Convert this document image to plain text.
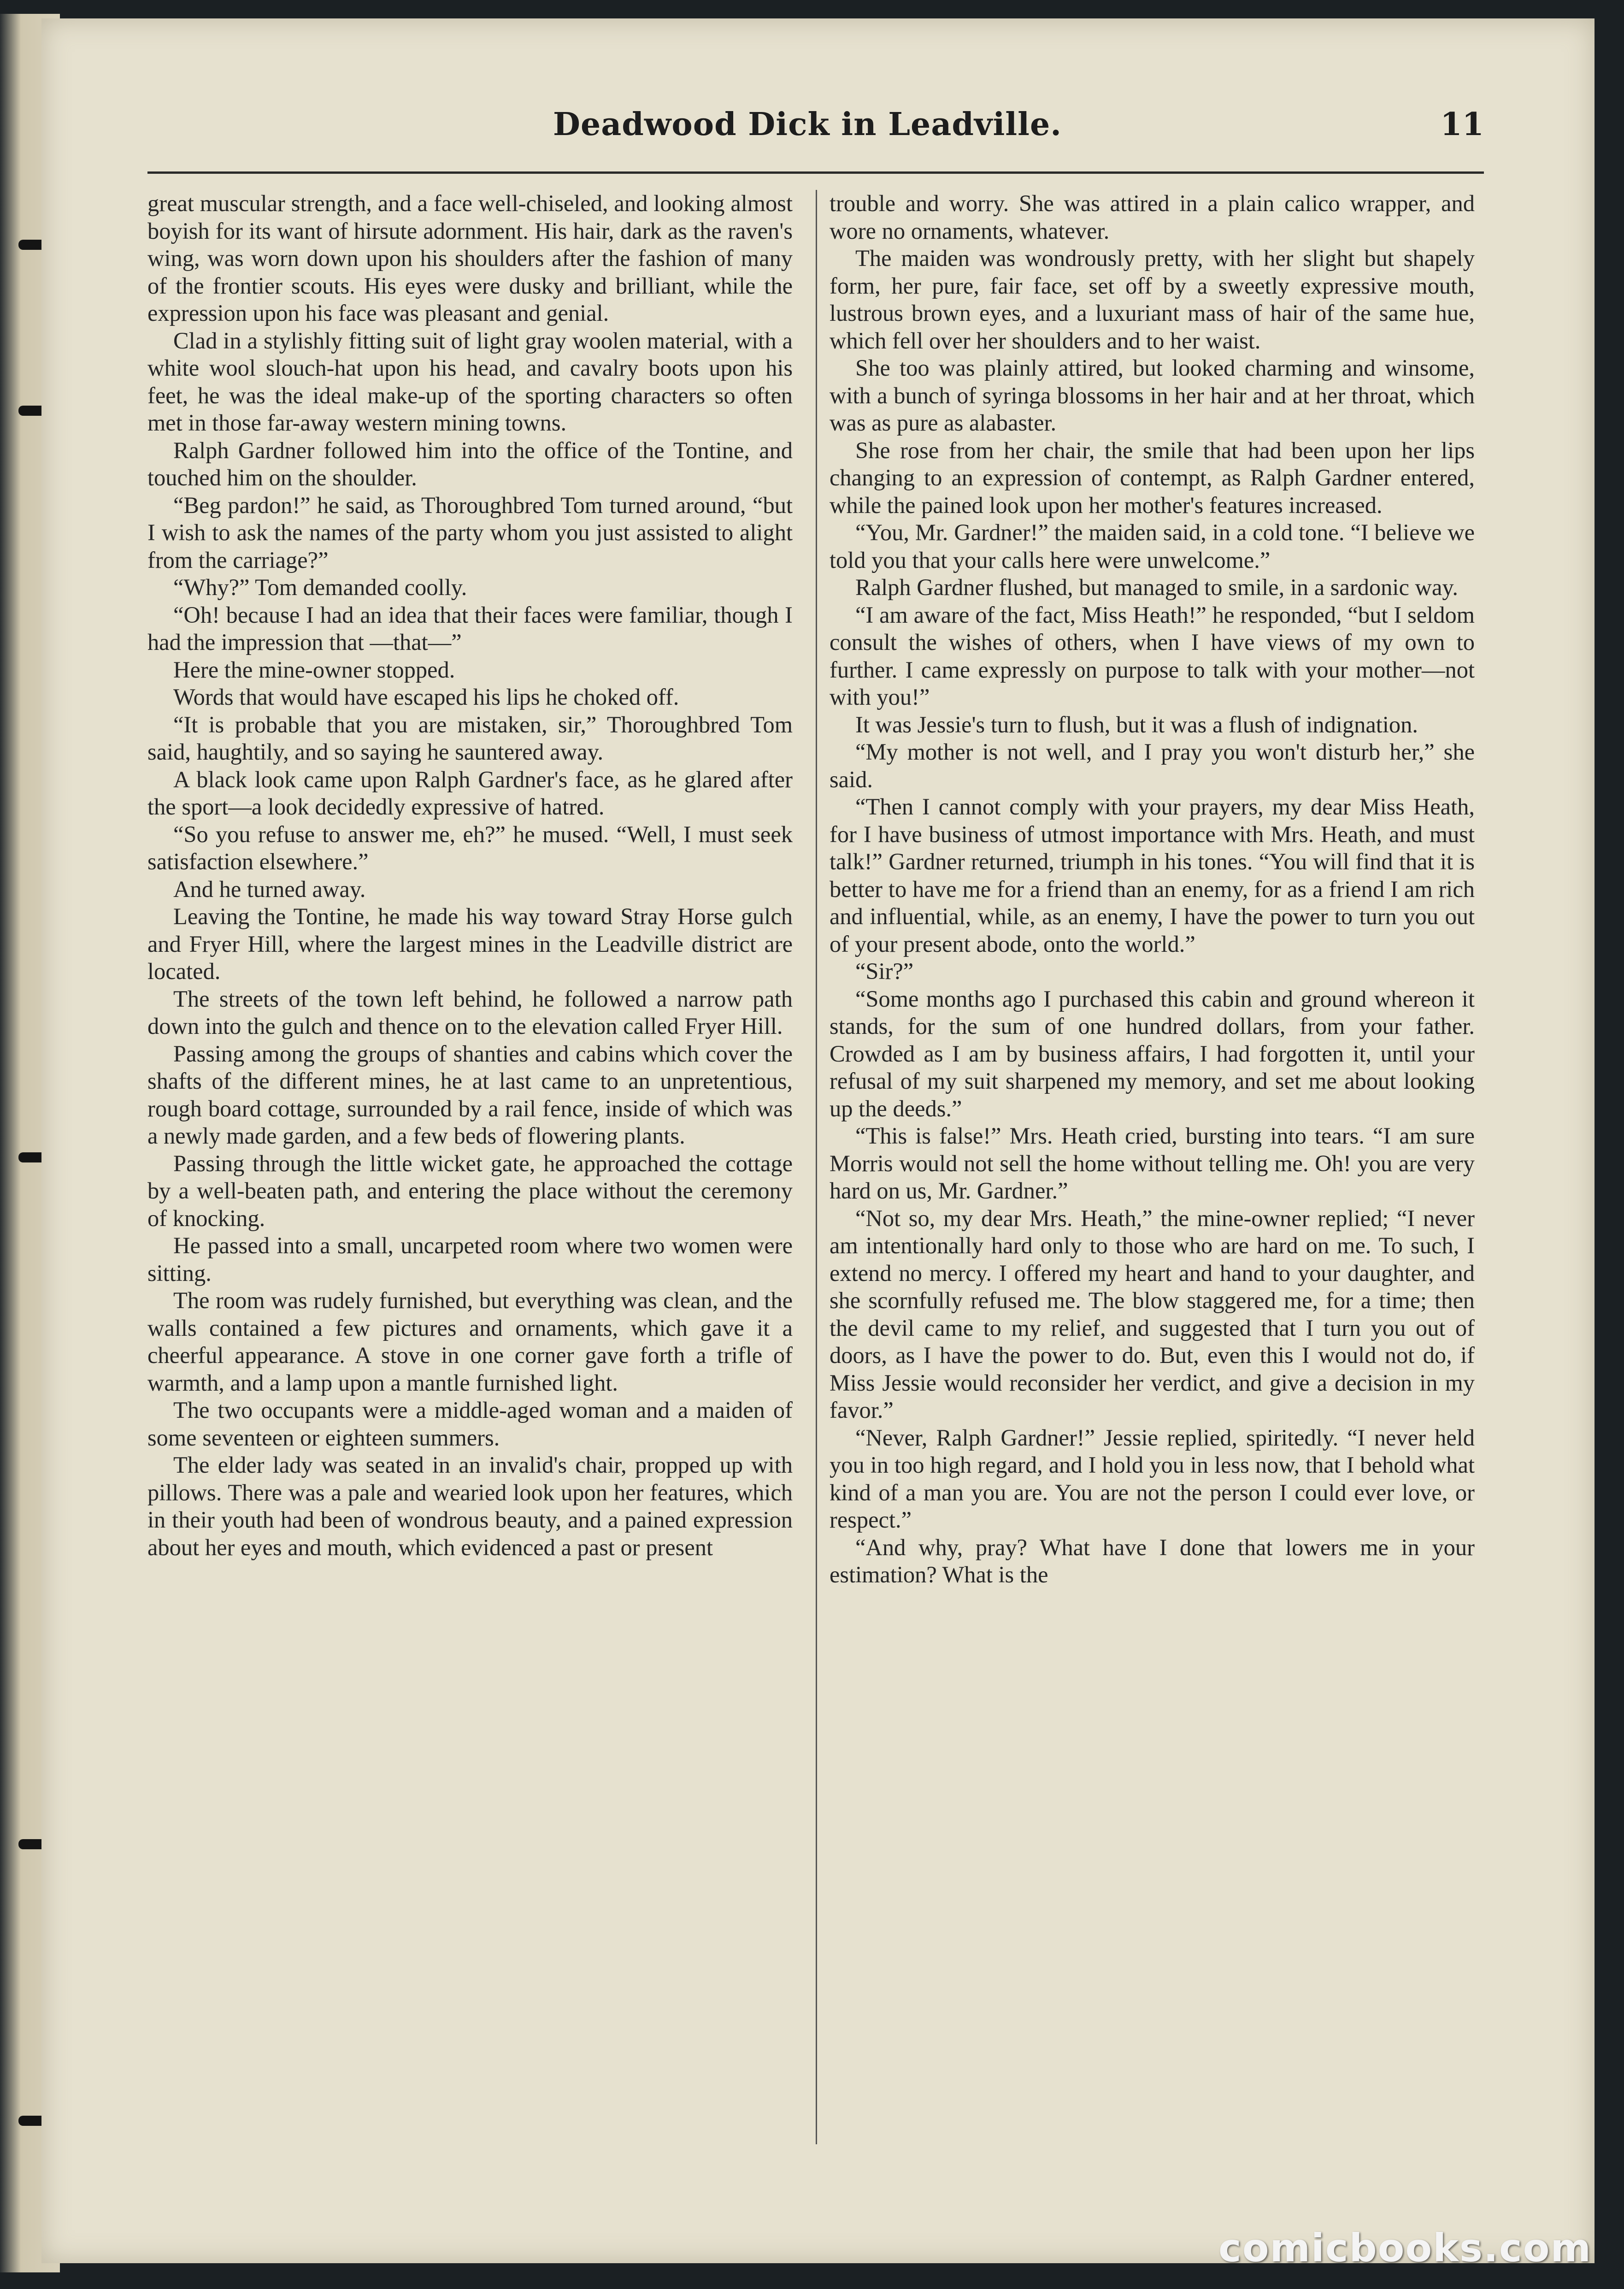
Deadwood Dick in Leadville.	11

great muscular strength, and a face well-chiseled, and looking almost boyish for its want of hirsute adornment. His hair, dark as the raven's wing, was worn down upon his shoulders after the fashion of many of the frontier scouts. His eyes were dusky and brilliant, while the expression upon his face was pleasant and genial.

Clad in a stylishly fitting suit of light gray woolen material, with a white wool slouch-hat upon his head, and cavalry boots upon his feet, he was the ideal make-up of the sporting characters so often met in those far-away western mining towns.

Ralph Gardner followed him into the office of the Tontine, and touched him on the shoulder.

“Beg pardon!” he said, as Thoroughbred Tom turned around, “but I wish to ask the names of the party whom you just assisted to alight from the carriage?”

“Why?” Tom demanded coolly.

“Oh! because I had an idea that their faces were familiar, though I had the impression that —that—”

Here the mine-owner stopped.

Words that would have escaped his lips he choked off.

“It is probable that you are mistaken, sir,” Thoroughbred Tom said, haughtily, and so saying he sauntered away.

A black look came upon Ralph Gardner's face, as he glared after the sport—a look decidedly expressive of hatred.

“So you refuse to answer me, eh?” he mused. “Well, I must seek satisfaction elsewhere.”

And he turned away.

Leaving the Tontine, he made his way toward Stray Horse gulch and Fryer Hill, where the largest mines in the Leadville district are located.

The streets of the town left behind, he followed a narrow path down into the gulch and thence on to the elevation called Fryer Hill.

Passing among the groups of shanties and cabins which cover the shafts of the different mines, he at last came to an unpretentious, rough board cottage, surrounded by a rail fence, inside of which was a newly made garden, and a few beds of flowering plants.

Passing through the little wicket gate, he approached the cottage by a well-beaten path, and entering the place without the ceremony of knocking.

He passed into a small, uncarpeted room where two women were sitting.

The room was rudely furnished, but everything was clean, and the walls contained a few pictures and ornaments, which gave it a cheerful appearance. A stove in one corner gave forth a trifle of warmth, and a lamp upon a mantle furnished light.

The two occupants were a middle-aged woman and a maiden of some seventeen or eighteen summers.

The elder lady was seated in an invalid's chair, propped up with pillows. There was a pale and wearied look upon her features, which in their youth had been of wondrous beauty, and a pained expression about her eyes and mouth, which evidenced a past or present

trouble and worry. She was attired in a plain calico wrapper, and wore no ornaments, whatever.

The maiden was wondrously pretty, with her slight but shapely form, her pure, fair face, set off by a sweetly expressive mouth, lustrous brown eyes, and a luxuriant mass of hair of the same hue, which fell over her shoulders and to her waist.

She too was plainly attired, but looked charming and winsome, with a bunch of syringa blossoms in her hair and at her throat, which was as pure as alabaster.

She rose from her chair, the smile that had been upon her lips changing to an expression of contempt, as Ralph Gardner entered, while the pained look upon her mother's features increased.

“You, Mr. Gardner!” the maiden said, in a cold tone. “I believe we told you that your calls here were unwelcome.”

Ralph Gardner flushed, but managed to smile, in a sardonic way.

“I am aware of the fact, Miss Heath!” he responded, “but I seldom consult the wishes of others, when I have views of my own to further. I came expressly on purpose to talk with your mother—not with you!”

It was Jessie's turn to flush, but it was a flush of indignation.

“My mother is not well, and I pray you won't disturb her,” she said.

“Then I cannot comply with your prayers, my dear Miss Heath, for I have business of utmost importance with Mrs. Heath, and must talk!” Gardner returned, triumph in his tones. “You will find that it is better to have me for a friend than an enemy, for as a friend I am rich and influential, while, as an enemy, I have the power to turn you out of your present abode, onto the world.”

“Sir?”

“Some months ago I purchased this cabin and ground whereon it stands, for the sum of one hundred dollars, from your father. Crowded as I am by business affairs, I had forgotten it, until your refusal of my suit sharpened my memory, and set me about looking up the deeds.”

“This is false!” Mrs. Heath cried, bursting into tears. “I am sure Morris would not sell the home without telling me. Oh! you are very hard on us, Mr. Gardner.”

“Not so, my dear Mrs. Heath,” the mine-owner replied; “I never am intentionally hard only to those who are hard on me. To such, I extend no mercy. I offered my heart and hand to your daughter, and she scornfully refused me. The blow staggered me, for a time; then the devil came to my relief, and suggested that I turn you out of doors, as I have the power to do. But, even this I would not do, if Miss Jessie would reconsider her verdict, and give a decision in my favor.”

“Never, Ralph Gardner!” Jessie replied, spiritedly. “I never held you in too high regard, and I hold you in less now, that I behold what kind of a man you are. You are not the person I could ever love, or respect.”

“And why, pray? What have I done that lowers me in your estimation? What is the

comicbooks.com
